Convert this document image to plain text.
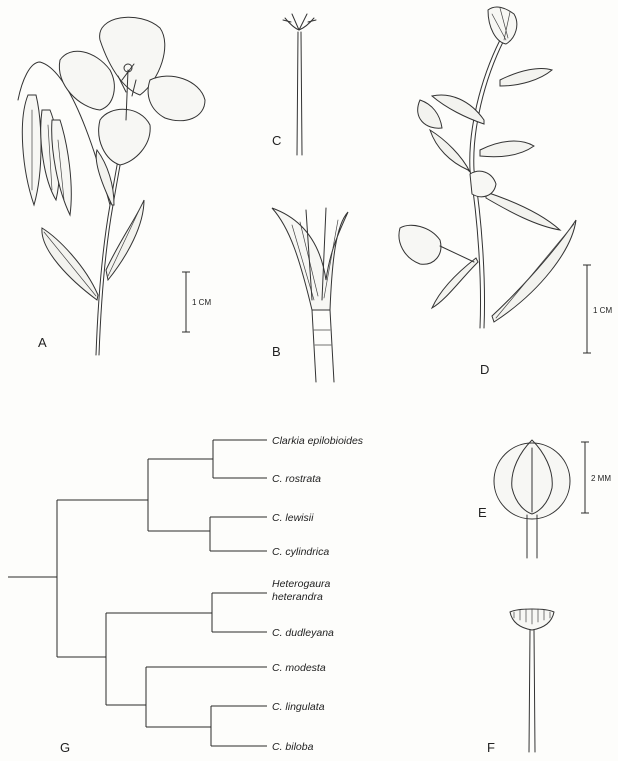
A
1 CM
C
B
D
1 CM
E
2 MM
F
Clarkia epilobioides
C. rostrata
C. lewisii
C. cylindrica
Heterogaura
heterandra
C. dudleyana
C. modesta
C. lingulata
C. biloba
G
